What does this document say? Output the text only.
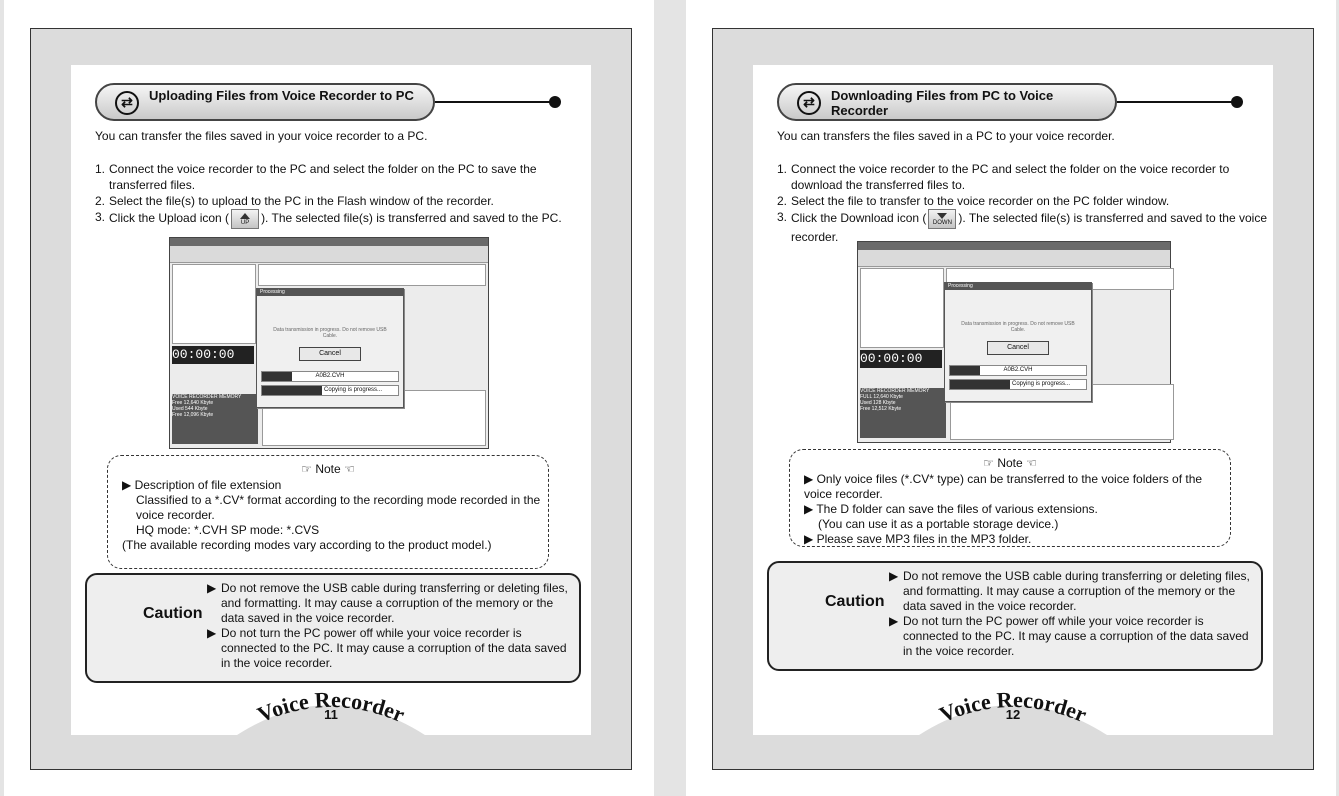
⇄	Uploading Files from Voice Recorder to PC
You can transfer the files saved in your voice recorder to a PC.
1. Connect the voice recorder to the PC and select the folder on the PC to save the transferred files.
2. Select the file(s) to upload to the PC in the Flash window of the recorder.
3. Click the Upload icon ( UP ). The selected file(s) is transferred and saved to the PC.
00:00:00
VOICE RECORDER MEMORY
Free 12,640 Kbyte
Used 544 Kbyte
Free 12,096 Kbyte
Processing
Data transmission in progress. Do not remove USB Cable.
Cancel
A0B2.CVH
Copying is progress...
☞ Note ☜

▶ Description of file extension

Classified to a *.CV* format according to the recording mode recorded in the voice recorder.

HQ mode: *.CVH SP mode: *.CVS

(The available recording modes vary according to the product model.)

Caution

▶ Do not remove the USB cable during transferring or deleting files, and formatting. It may cause a corruption of the memory or the data saved in the voice recorder.

▶ Do not turn the PC power off while your voice recorder is connected to the PC. It may cause a corruption of the data saved in the voice recorder.

Voice Recorder
11
⇄	Downloading Files from PC to Voice Recorder
You can transfers the files saved in a PC to your voice recorder.
1. Connect the voice recorder to the PC and select the folder on the voice recorder to download the transferred files to.
2. Select the file to transfer to the voice recorder on the PC folder window.
3. Click the Download icon ( DOWN ). The selected file(s) is transferred and saved to the voice recorder.
00:00:00
VOICE RECORDER MEMORY
FULL 12,640 Kbyte
Used 128 Kbyte
Free 12,512 Kbyte
Processing
Data transmission in progress. Do not remove USB Cable.
Cancel
A0B2.CVH
Copying is progress...
☞ Note ☜

▶ Only voice files (*.CV* type) can be transferred to the voice folders of the voice recorder.

▶ The D folder can save the files of various extensions.

(You can use it as a portable storage device.)

▶ Please save MP3 files in the MP3 folder.

Caution

▶ Do not remove the USB cable during transferring or deleting files, and formatting. It may cause a corruption of the memory or the data saved in the voice recorder.

▶ Do not turn the PC power off while your voice recorder is connected to the PC. It may cause a corruption of the data saved in the voice recorder.

Voice Recorder
12
